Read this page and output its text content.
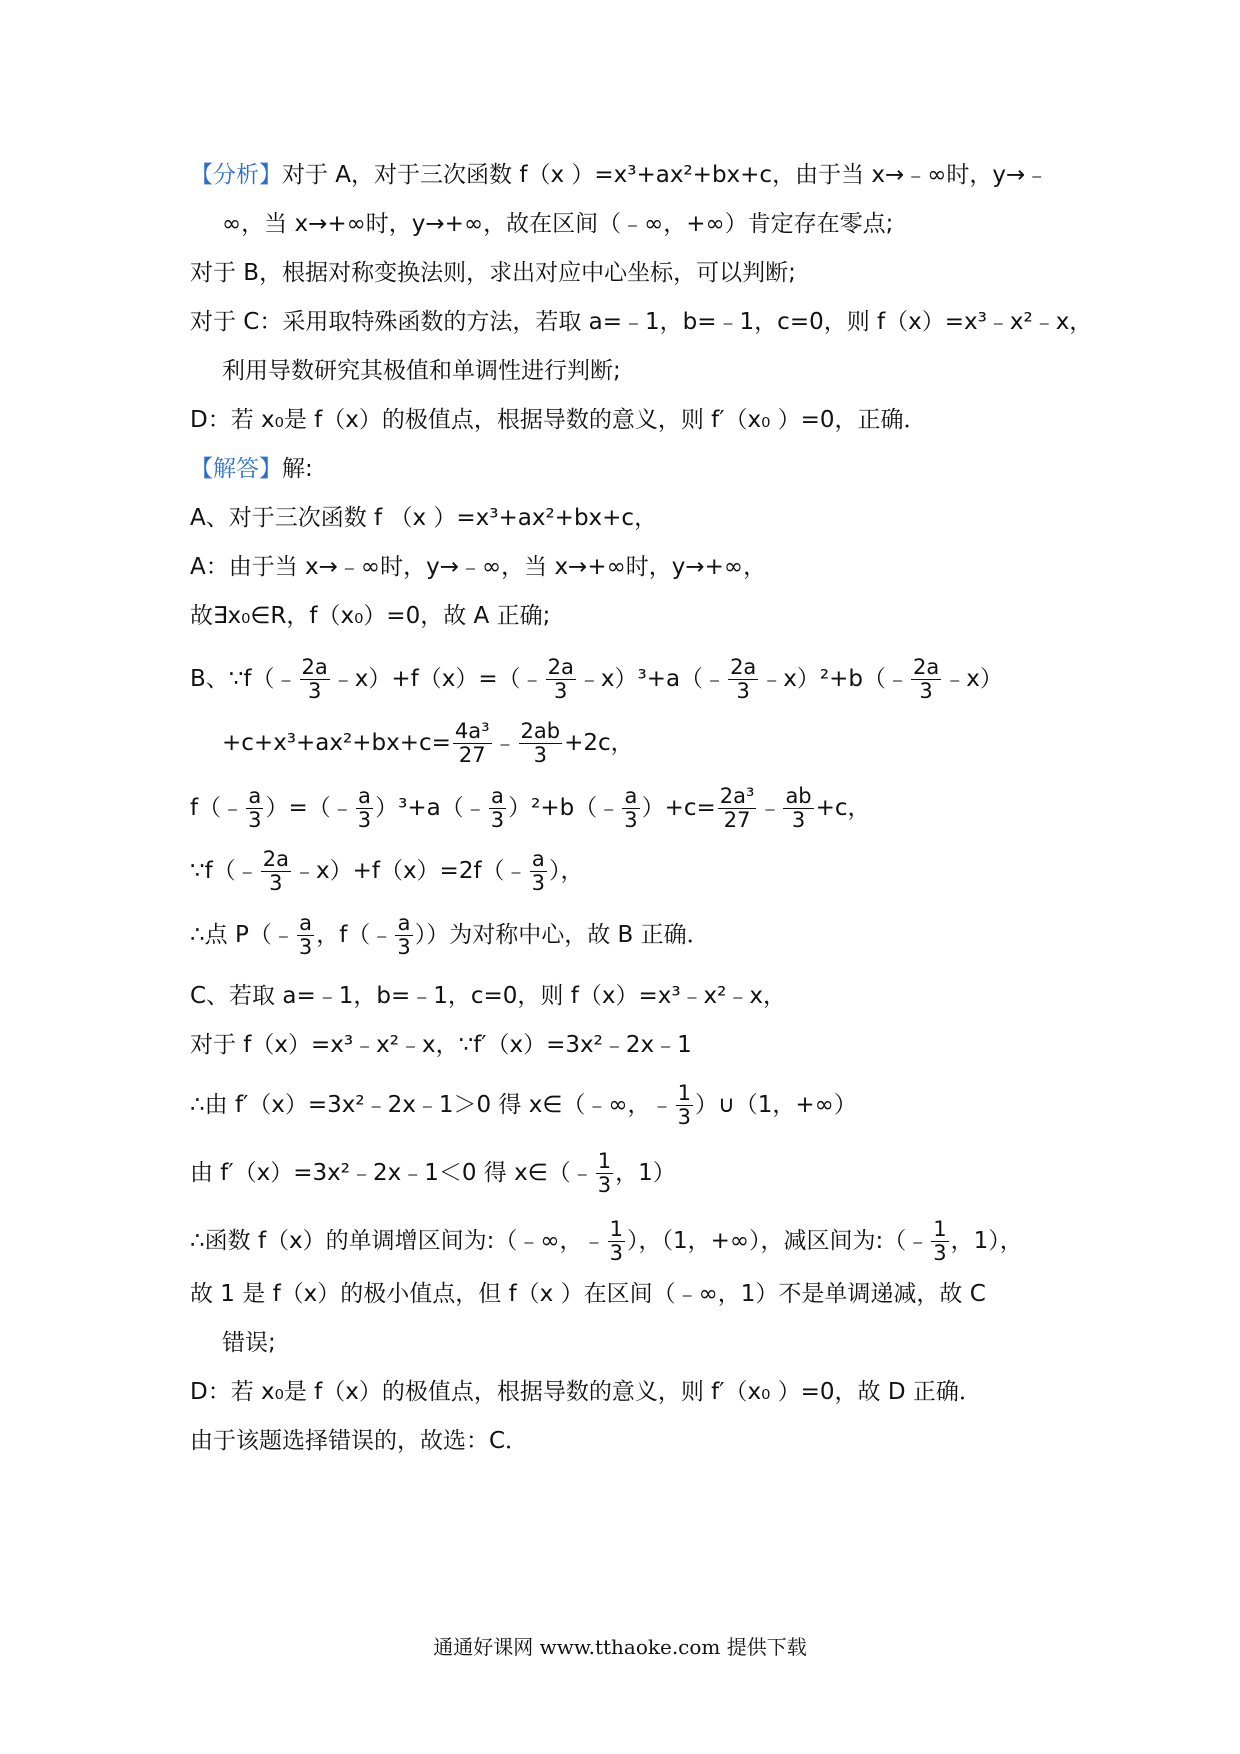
【分析】对于 A，对于三次函数 f（x ）=x³+ax²+bx+c，由于当 x→﹣∞时，y→﹣
∞，当 x→+∞时，y→+∞，故在区间（﹣∞，+∞）肯定存在零点;
对于 B，根据对称变换法则，求出对应中心坐标，可以判断;
对于 C：采用取特殊函数的方法，若取 a=﹣1，b=﹣1，c=0，则 f（x）=x³﹣x²﹣x，
利用导数研究其极值和单调性进行判断;
D：若 x₀是 f（x）的极值点，根据导数的意义，则 f′（x₀ ）=0，正确．
【解答】解:
A、对于三次函数 f （x ）=x³+ax²+bx+c，
A：由于当 x→﹣∞时，y→﹣∞，当 x→+∞时，y→+∞，
故∃x₀∈R，f（x₀）=0，故 A 正确;
B、∵f（﹣ $\frac{2a}{3}$ ﹣x）+f（x）=（﹣ $\frac{2a}{3}$ ﹣x）³+a（﹣ $\frac{2a}{3}$ ﹣x）²+b（﹣ $\frac{2a}{3}$ ﹣x）
$+c+x^3+ax^2+bx+c= \frac{\text{4a³}}{27}$ ﹣ $\frac{2ab}{3} +2c$，
f（﹣ $\frac{a}{3}$ ）=（﹣ $\frac{a}{3}$ ）³+a（﹣ $\frac{a}{3}$ ）²+b（﹣ $\frac{a}{3} )+c= \frac{\text{2a³}}{27}$ ﹣ $\frac{ab}{3} +c$，
∵f（﹣ $\frac{2a}{3}$ ﹣x）+f（x）=2f（﹣ $\frac{a}{3}$ ），
∴点 P（﹣ $\frac{a}{3}$ ，f（﹣ $\frac{a}{3}$ ））为对称中心，故 B 正确．
C、若取 a=﹣1，b=﹣1，c=0，则 f（x）=x³﹣x²﹣x，
对于 f（x）=x³﹣x²﹣x，∵f′（x）=3x²﹣2x﹣1
∴由 f′（x）=3x²﹣2x﹣1＞0 得 x∈（﹣∞，﹣ $\frac{1}{3}$ ）∪（1，+∞）
由 f′（x）=3x²﹣2x﹣1＜0 得 x∈（﹣ $\frac{1}{3}$ ，1）
∴函数 f（x）的单调增区间为:（﹣∞，﹣ $\frac{1}{3}$ ），（1，+∞），减区间为:（﹣ $\frac{1}{3}$ ，1），
故 1 是 f（x）的极小值点，但 f（x ）在区间（﹣∞，1）不是单调递减，故 C
错误;
D：若 x₀是 f（x）的极值点，根据导数的意义，则 f′（x₀ ）=0，故 D 正确．
由于该题选择错误的，故选：C．
通通好课网 www.tthaoke.com 提供下载
